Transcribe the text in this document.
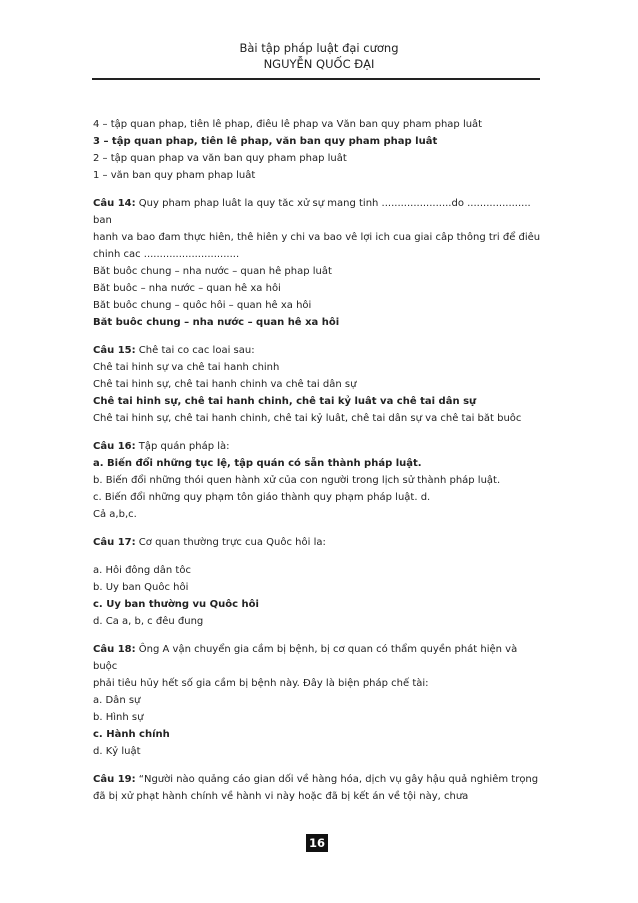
Bài tập pháp luật đại cương
NGUYỄN QUỐC ĐẠI

4 – tập quan phap, tiên lê phap, điêu lê phap va Văn ban quy pham phap luât

3 – tập quan phap, tiên lê phap, văn ban quy pham phap luât

2 – tập quan phap va văn ban quy pham phap luât

1 – văn ban quy pham phap luât

Câu 14: Quy pham phap luât la quy tăc xử sự mang tinh ......................do .................... ban

hanh va bao đam thực hiên, thê hiên y chi va bao vê lợi ich cua giai câp thông tri để điêu

chinh cac ..............................

Băt buôc chung – nha nước – quan hê phap luât

Băt buôc – nha nước – quan hê xa hôi

Băt buôc chung – quôc hôi – quan hê xa hôi

Băt buôc chung – nha nước – quan hê xa hôi

Câu 15: Chê tai co cac loai sau:

Chê tai hinh sự va chê tai hanh chinh

Chê tai hinh sự, chê tai hanh chinh va chê tai dân sự

Chê tai hinh sự, chê tai hanh chinh, chê tai kỷ luât va chê tai dân sự

Chê tai hinh sự, chê tai hanh chinh, chê tai kỷ luât, chê tai dân sự va chê tai băt buôc

Câu 16: Tập quán pháp là:

a. Biến đổi những tục lệ, tập quán có sẵn thành pháp luật.

b. Biến đổi những thói quen hành xử của con người trong lịch sử thành pháp luật.

c. Biến đổi những quy phạm tôn giáo thành quy phạm pháp luật. d.

Cả a,b,c.

Câu 17: Cơ quan thường trực cua Quôc hôi la:

a. Hôi đông dân tôc

b. Uy ban Quôc hôi

c. Uy ban thường vu Quôc hôi

d. Ca a, b, c đêu đung

Câu 18: Ông A vận chuyển gia cầm bị bệnh, bị cơ quan có thẩm quyền phát hiện và buộc

phải tiêu hủy hết số gia cầm bị bệnh này. Đây là biện pháp chế tài:

a. Dân sự

b. Hình sự

c. Hành chính

d. Kỷ luật

Câu 19: “Người nào quảng cáo gian dối về hàng hóa, dịch vụ gây hậu quả nghiêm trọng

đã bị xử phạt hành chính về hành vi này hoặc đã bị kết án về tội này, chưa

16
